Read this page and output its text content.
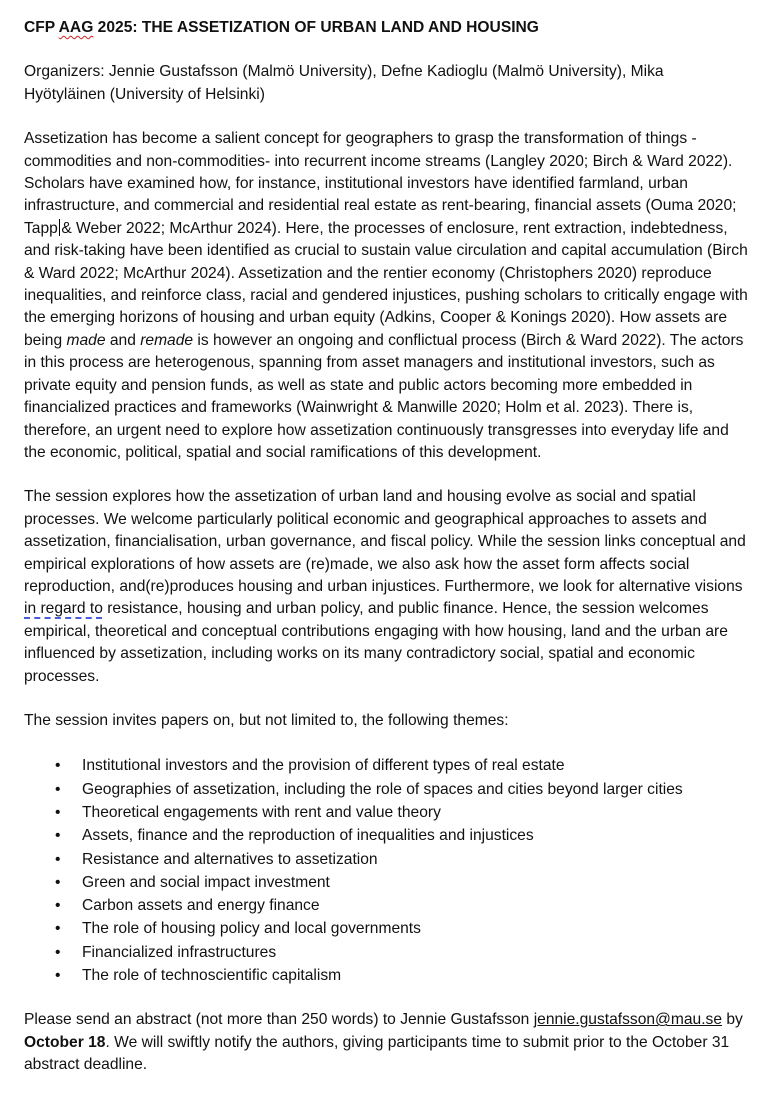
CFP AAG 2025: THE ASSETIZATION OF URBAN LAND AND HOUSING

Organizers: Jennie Gustafsson (Malmö University), Defne Kadioglu (Malmö University), Mika Hyötyläinen (University of Helsinki)

Assetization has become a salient concept for geographers to grasp the transformation of things -commodities and non-commodities- into recurrent income streams (Langley 2020; Birch & Ward 2022). Scholars have examined how, for instance, institutional investors have identified farmland, urban infrastructure, and commercial and residential real estate as rent-bearing, financial assets (Ouma 2020; Tapp & Weber 2022; McArthur 2024). Here, the processes of enclosure, rent extraction, indebtedness, and risk-taking have been identified as crucial to sustain value circulation and capital accumulation (Birch & Ward 2022; McArthur 2024). Assetization and the rentier economy (Christophers 2020) reproduce inequalities, and reinforce class, racial and gendered injustices, pushing scholars to critically engage with the emerging horizons of housing and urban equity (Adkins, Cooper & Konings 2020). How assets are being made and remade is however an ongoing and conflictual process (Birch & Ward 2022). The actors in this process are heterogenous, spanning from asset managers and institutional investors, such as private equity and pension funds, as well as state and public actors becoming more embedded in financialized practices and frameworks (Wainwright & Manwille 2020; Holm et al. 2023). There is, therefore, an urgent need to explore how assetization continuously transgresses into everyday life and the economic, political, spatial and social ramifications of this development.

The session explores how the assetization of urban land and housing evolve as social and spatial processes. We welcome particularly political economic and geographical approaches to assets and assetization, financialisation, urban governance, and fiscal policy. While the session links conceptual and empirical explorations of how assets are (re)made, we also ask how the asset form affects social reproduction, and(re)produces housing and urban injustices. Furthermore, we look for alternative visions in regard to resistance, housing and urban policy, and public finance. Hence, the session welcomes empirical, theoretical and conceptual contributions engaging with how housing, land and the urban are influenced by assetization, including works on its many contradictory social, spatial and economic processes.

The session invites papers on, but not limited to, the following themes:

• Institutional investors and the provision of different types of real estate
• Geographies of assetization, including the role of spaces and cities beyond larger cities
• Theoretical engagements with rent and value theory
• Assets, finance and the reproduction of inequalities and injustices
• Resistance and alternatives to assetization
• Green and social impact investment
• Carbon assets and energy finance
• The role of housing policy and local governments
• Financialized infrastructures
• The role of technoscientific capitalism

Please send an abstract (not more than 250 words) to Jennie Gustafsson jennie.gustafsson@mau.se by October 18. We will swiftly notify the authors, giving participants time to submit prior to the October 31 abstract deadline.
